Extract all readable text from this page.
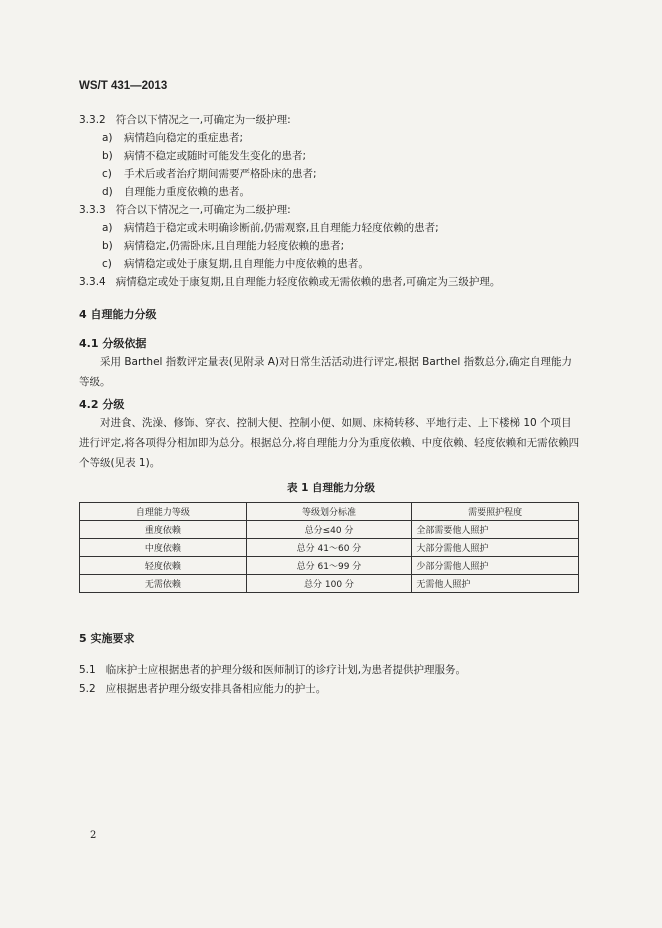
WS/T 431—2013
3.3.2 符合以下情况之一,可确定为一级护理:
a) 病情趋向稳定的重症患者;
b) 病情不稳定或随时可能发生变化的患者;
c) 手术后或者治疗期间需要严格卧床的患者;
d) 自理能力重度依赖的患者。
3.3.3 符合以下情况之一,可确定为二级护理:
a) 病情趋于稳定或未明确诊断前,仍需观察,且自理能力轻度依赖的患者;
b) 病情稳定,仍需卧床,且自理能力轻度依赖的患者;
c) 病情稳定或处于康复期,且自理能力中度依赖的患者。
3.3.4 病情稳定或处于康复期,且自理能力轻度依赖或无需依赖的患者,可确定为三级护理。
4 自理能力分级
4.1 分级依据
采用 Barthel 指数评定量表(见附录 A)对日常生活活动进行评定,根据 Barthel 指数总分,确定自理能力等级。
4.2 分级
对进食、洗澡、修饰、穿衣、控制大便、控制小便、如厕、床椅转移、平地行走、上下楼梯 10 个项目进行评定,将各项得分相加即为总分。根据总分,将自理能力分为重度依赖、中度依赖、轻度依赖和无需依赖四个等级(见表 1)。
表 1 自理能力分级
自理能力等级	等级划分标准	需要照护程度
重度依赖	总分≤40 分	全部需要他人照护
中度依赖	总分 41～60 分	大部分需他人照护
轻度依赖	总分 61～99 分	少部分需他人照护
无需依赖	总分 100 分	无需他人照护
5 实施要求
5.1 临床护士应根据患者的护理分级和医师制订的诊疗计划,为患者提供护理服务。
5.2 应根据患者护理分级安排具备相应能力的护士。
2
